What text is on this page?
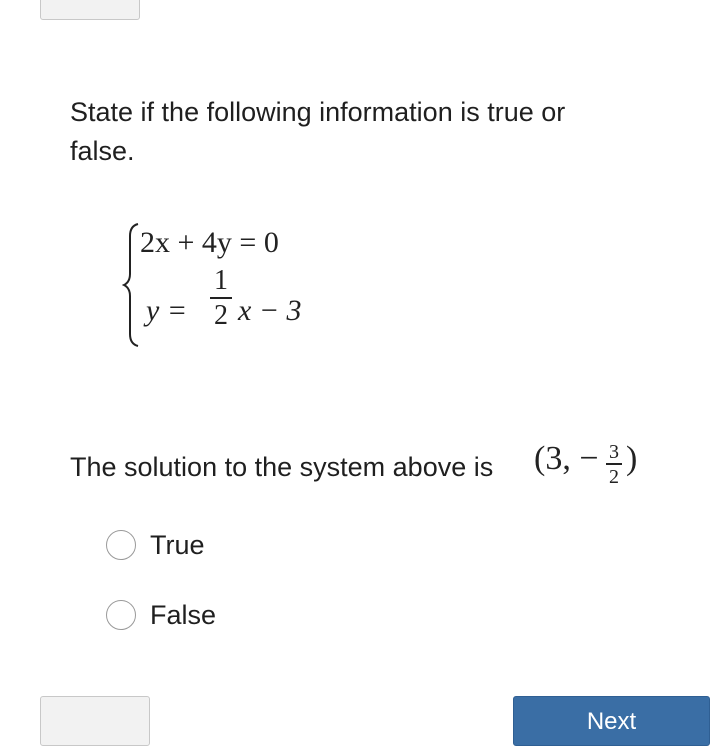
State if the following information is true or false.

2x + 4y = 0
y =
1
2 x − 3
The solution to the system above is (3, − 3
2 )
True
False
Next
